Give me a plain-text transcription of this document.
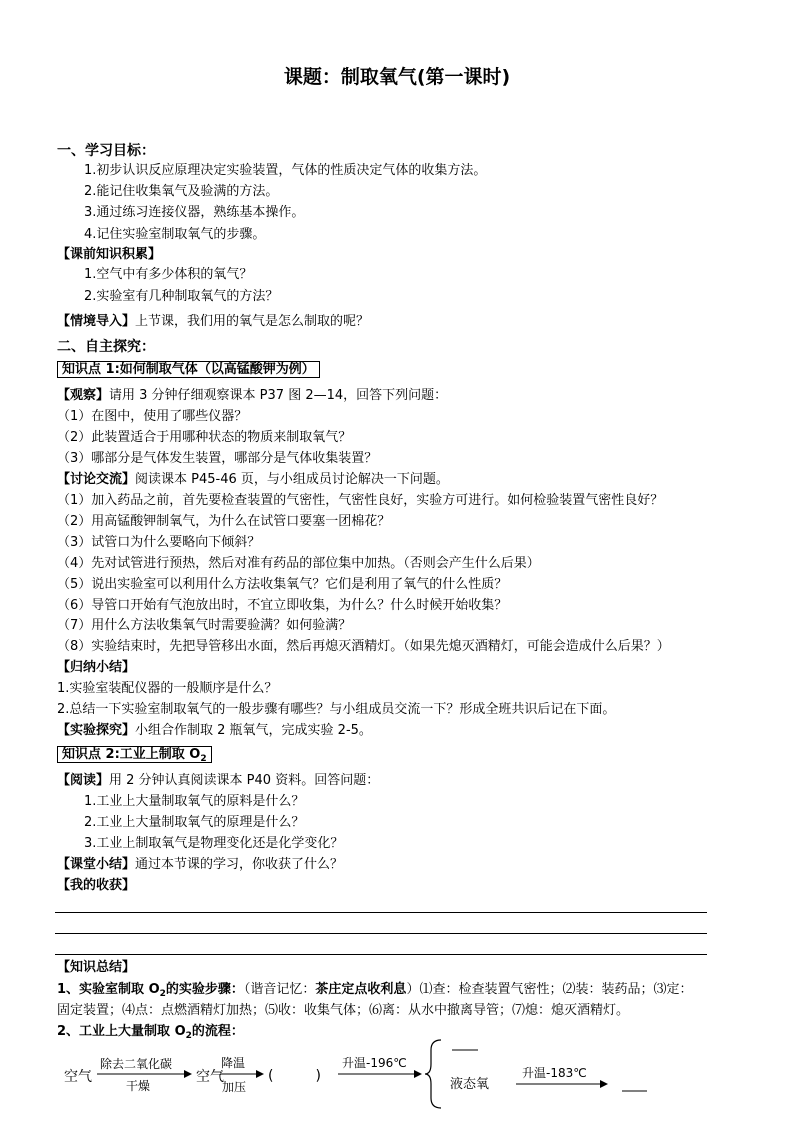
课题：制取氧气(第一课时)
一、学习目标：
1.初步认识反应原理决定实验装置，气体的性质决定气体的收集方法。
2.能记住收集氧气及验满的方法。
3.通过练习连接仪器，熟练基本操作。
4.记住实验室制取氧气的步骤。
【课前知识积累】
1.空气中有多少体积的氧气？
2.实验室有几种制取氧气的方法？
【情境导入】上节课，我们用的氧气是怎么制取的呢？
二、自主探究：
知识点 1:如何制取气体（以高锰酸钾为例）
【观察】请用 3 分钟仔细观察课本 P37 图 2—14，回答下列问题：
（1）在图中，使用了哪些仪器？
（2）此装置适合于用哪种状态的物质来制取氧气？
（3）哪部分是气体发生装置，哪部分是气体收集装置？
【讨论交流】阅读课本 P45-46 页，与小组成员讨论解决一下问题。
（1）加入药品之前，首先要检查装置的气密性，气密性良好，实验方可进行。如何检验装置气密性良好？
（2）用高锰酸钾制氧气，为什么在试管口要塞一团棉花？
（3）试管口为什么要略向下倾斜？
（4）先对试管进行预热，然后对准有药品的部位集中加热。（否则会产生什么后果）
（5）说出实验室可以利用什么方法收集氧气？它们是利用了氧气的什么性质？
（6）导管口开始有气泡放出时，不宜立即收集，为什么？什么时候开始收集？
（7）用什么方法收集氧气时需要验满？如何验满？
（8）实验结束时，先把导管移出水面，然后再熄灭酒精灯。（如果先熄灭酒精灯，可能会造成什么后果？）
【归纳小结】
1.实验室装配仪器的一般顺序是什么？
2.总结一下实验室制取氧气的一般步骤有哪些？与小组成员交流一下？形成全班共识后记在下面。
【实验探究】小组合作制取 2 瓶氧气，完成实验 2-5。
知识点 2:工业上制取 $O_2$
【阅读】用 2 分钟认真阅读课本 P40 资料。回答问题：
1.工业上大量制取氧气的原料是什么？
2.工业上大量制取氧气的原理是什么？
3.工业上制取氧气是物理变化还是化学变化？
【课堂小结】通过本节课的学习，你收获了什么？
【我的收获】
【知识总结】
1、实验室制取 $O_2$的实验步骤：（谐音记忆：茶庄定点收利息）⑴查：检查装置气密性；⑵装：装药品；⑶定：
固定装置；⑷点：点燃酒精灯加热；⑸收：收集气体；⑹离：从水中撤离导管；⑺熄：熄灭酒精灯。
2、工业上大量制取 $O_2$的流程：
空气
除去二氧化碳
干燥
空气
降温
加压
(　　　)
升温-196℃
液态氧
升温-183℃
